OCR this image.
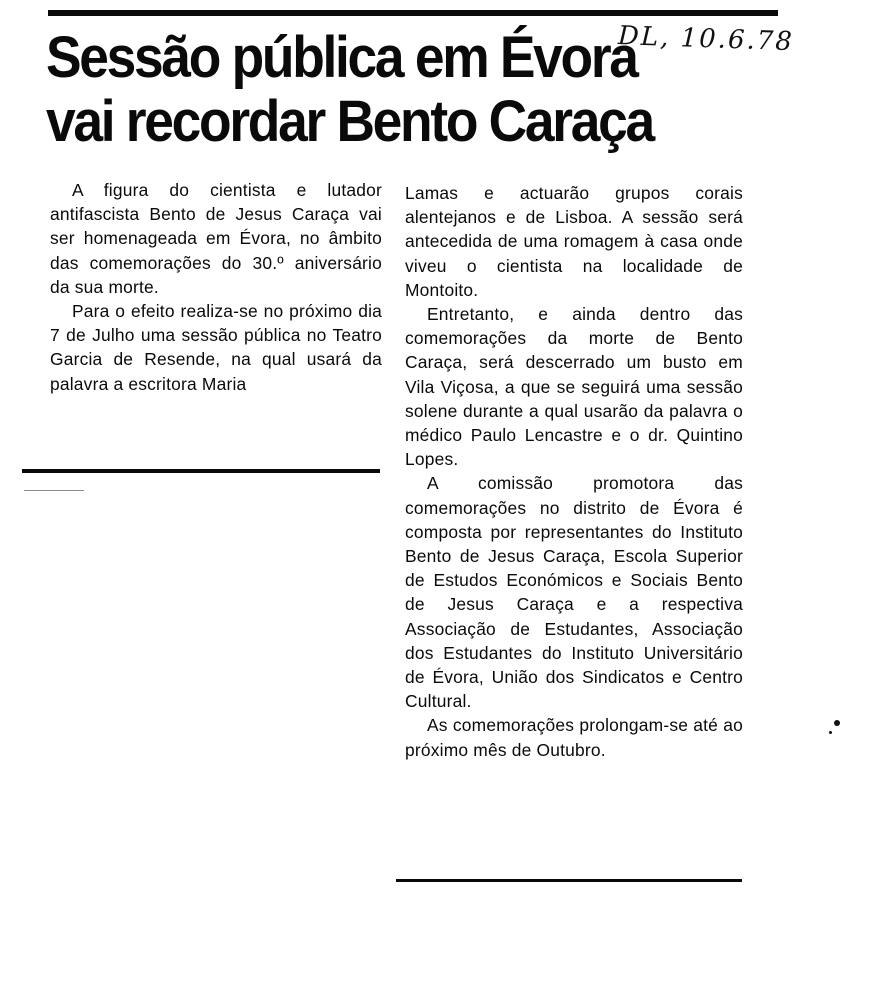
DL, 10.6.78
Sessão pública em Évora
vai recordar Bento Caraça

A figura do cientista e lutador antifascista Bento de Jesus Caraça vai ser homenageada em Évora, no âmbito das comemorações do 30.º aniversário da sua morte.

Para o efeito realiza-se no próximo dia 7 de Julho uma sessão pública no Teatro Garcia de Resende, na qual usará da palavra a escritora Maria

Lamas e actuarão grupos corais alentejanos e de Lisboa. A sessão será antecedida de uma romagem à casa onde viveu o cientista na localidade de Montoito.

Entretanto, e ainda dentro das comemorações da morte de Bento Caraça, será descerrado um busto em Vila Viçosa, a que se seguirá uma sessão solene durante a qual usarão da palavra o médico Paulo Lencastre e o dr. Quintino Lopes.

A comissão promotora das comemorações no distrito de Évora é composta por representantes do Instituto Bento de Jesus Caraça, Escola Superior de Estudos Económicos e Sociais Bento de Jesus Caraça e a respectiva Associação de Estudantes, Associação dos Estudantes do Instituto Universitário de Évora, União dos Sindicatos e Centro Cultural.

As comemorações prolongam-se até ao próximo mês de Outubro.
